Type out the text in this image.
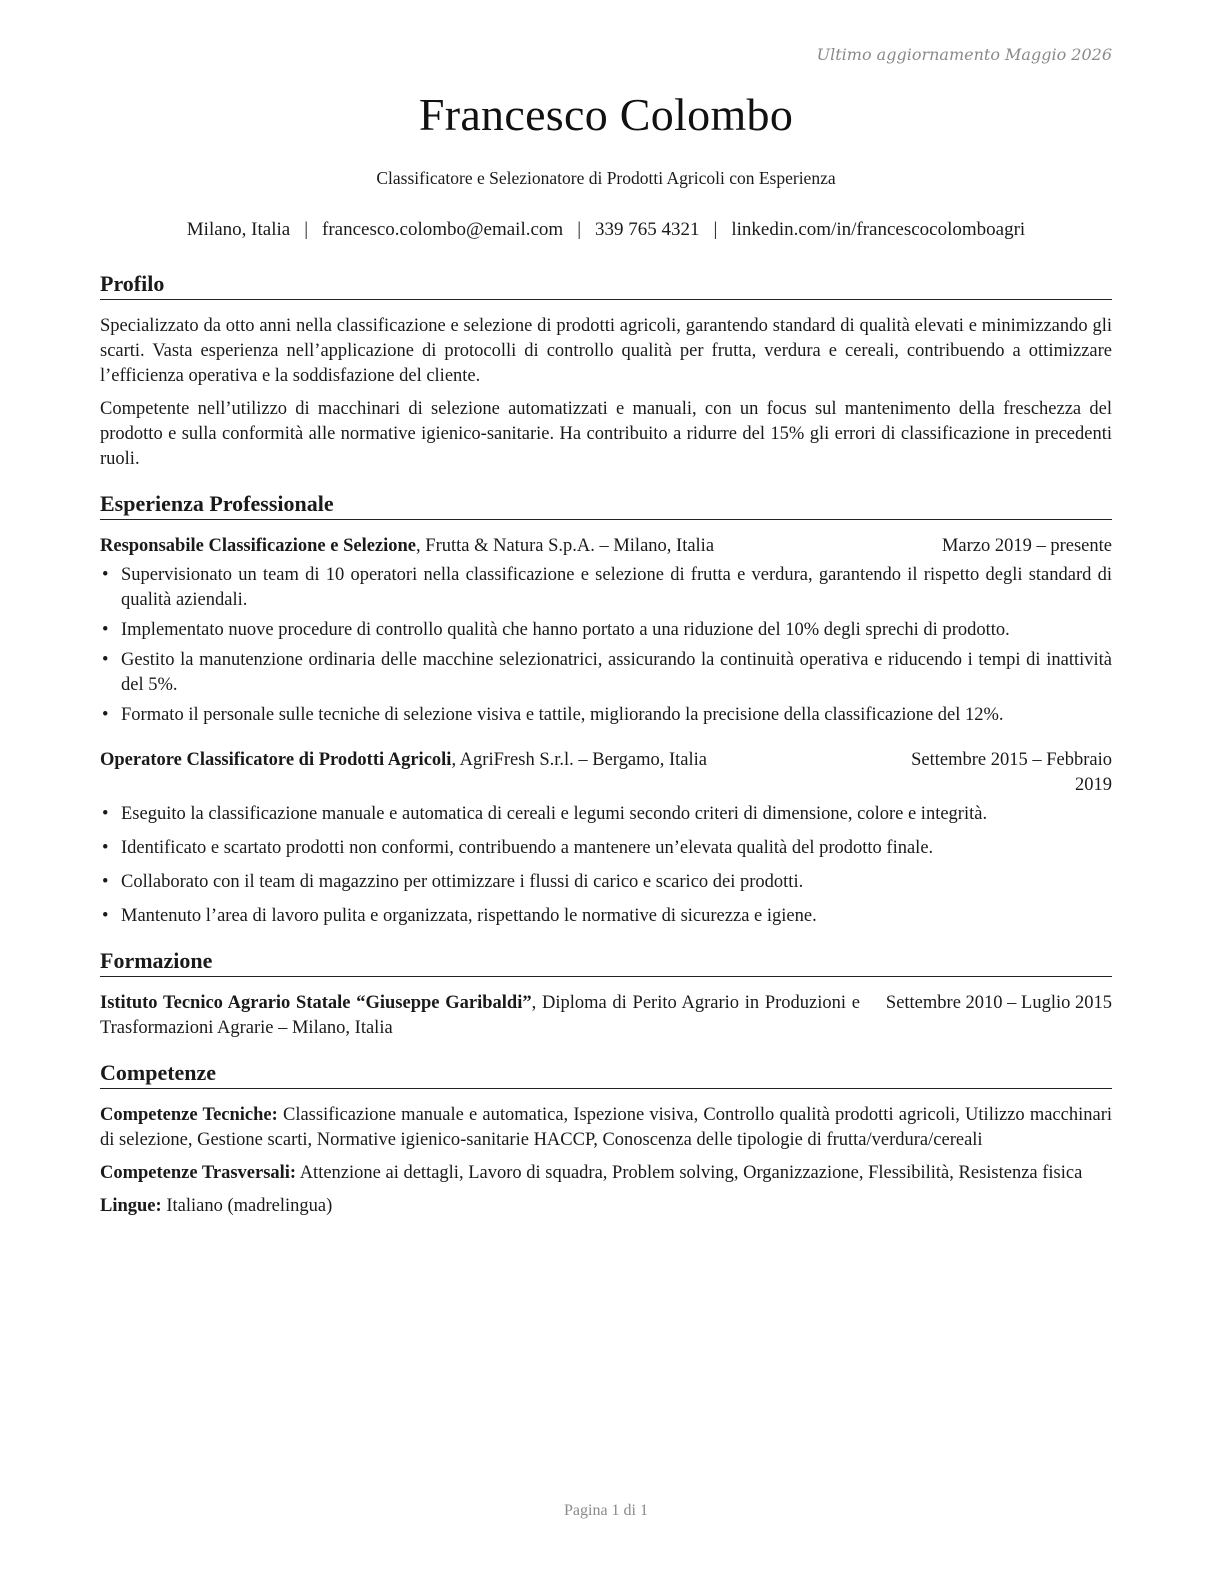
Ultimo aggiornamento Maggio 2026
Francesco Colombo
Classificatore e Selezionatore di Prodotti Agricoli con Esperienza
Milano, Italia | francesco.colombo@email.com | 339 765 4321 | linkedin.com/in/francescocolomboagri
Profilo

Specializzato da otto anni nella classificazione e selezione di prodotti agricoli, garantendo standard di qualità elevati e minimizzando gli scarti. Vasta esperienza nell’applicazione di protocolli di controllo qualità per frutta, verdura e cereali, contribuendo a ottimizzare l’efficienza operativa e la soddisfazione del cliente.

Competente nell’utilizzo di macchinari di selezione automatizzati e manuali, con un focus sul mantenimento della freschezza del prodotto e sulla conformità alle normative igienico-sanitarie. Ha contribuito a ridurre del 15% gli errori di classificazione in precedenti ruoli.

Esperienza Professionale
Responsabile Classificazione e Selezione, Frutta & Natura S.p.A. – Milano, Italia	Marzo 2019 – presente
• Supervisionato un team di 10 operatori nella classificazione e selezione di frutta e verdura, garantendo il rispetto degli standard di qualità aziendali.
• Implementato nuove procedure di controllo qualità che hanno portato a una riduzione del 10% degli sprechi di prodotto.
• Gestito la manutenzione ordinaria delle macchine selezionatrici, assicurando la continuità operativa e riducendo i tempi di inattività del 5%.
• Formato il personale sulle tecniche di selezione visiva e tattile, migliorando la precisione della classificazione del 12%.
Operatore Classificatore di Prodotti Agricoli, AgriFresh S.r.l. – Bergamo, Italia	Settembre 2015 – Febbraio 2019
• Eseguito la classificazione manuale e automatica di cereali e legumi secondo criteri di dimensione, colore e integrità.
• Identificato e scartato prodotti non conformi, contribuendo a mantenere un’elevata qualità del prodotto finale.
• Collaborato con il team di magazzino per ottimizzare i flussi di carico e scarico dei prodotti.
• Mantenuto l’area di lavoro pulita e organizzata, rispettando le normative di sicurezza e igiene.
Formazione
Istituto Tecnico Agrario Statale “Giuseppe Garibaldi”, Diploma di Perito Agrario in Produzioni e Trasformazioni Agrarie – Milano, Italia
Settembre 2010 – Luglio 2015
Competenze

Competenze Tecniche: Classificazione manuale e automatica, Ispezione visiva, Controllo qualità prodotti agricoli, Utilizzo macchinari di selezione, Gestione scarti, Normative igienico-sanitarie HACCP, Conoscenza delle tipologie di frutta/verdura/cereali

Competenze Trasversali: Attenzione ai dettagli, Lavoro di squadra, Problem solving, Organizzazione, Flessibilità, Resistenza fisica

Lingue: Italiano (madrelingua)

Pagina 1 di 1
